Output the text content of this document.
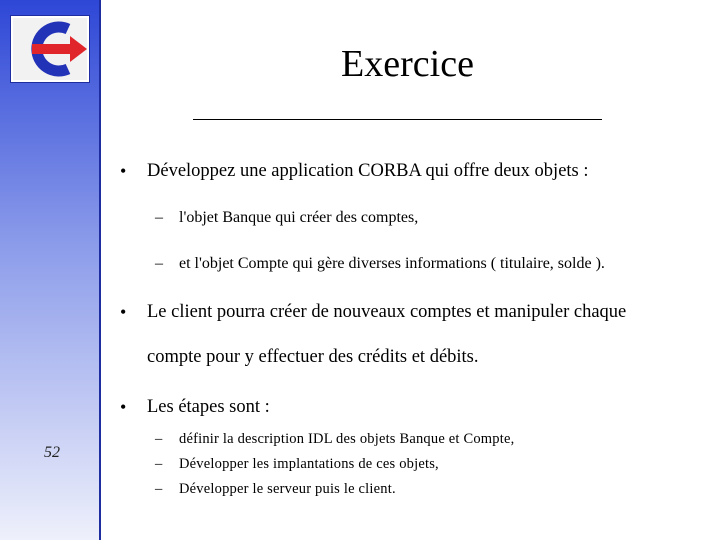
52
Exercice
• Développez une application CORBA qui offre deux objets :
– l'objet Banque qui créer des comptes,
– et l'objet Compte qui gère diverses informations ( titulaire, solde ).
• Le client pourra créer de nouveaux comptes et manipuler chaque
compte pour y effectuer des crédits et débits.
• Les étapes sont :
– définir la description IDL des objets Banque et Compte,
– Développer les implantations de ces objets,
– Développer le serveur puis le client.
